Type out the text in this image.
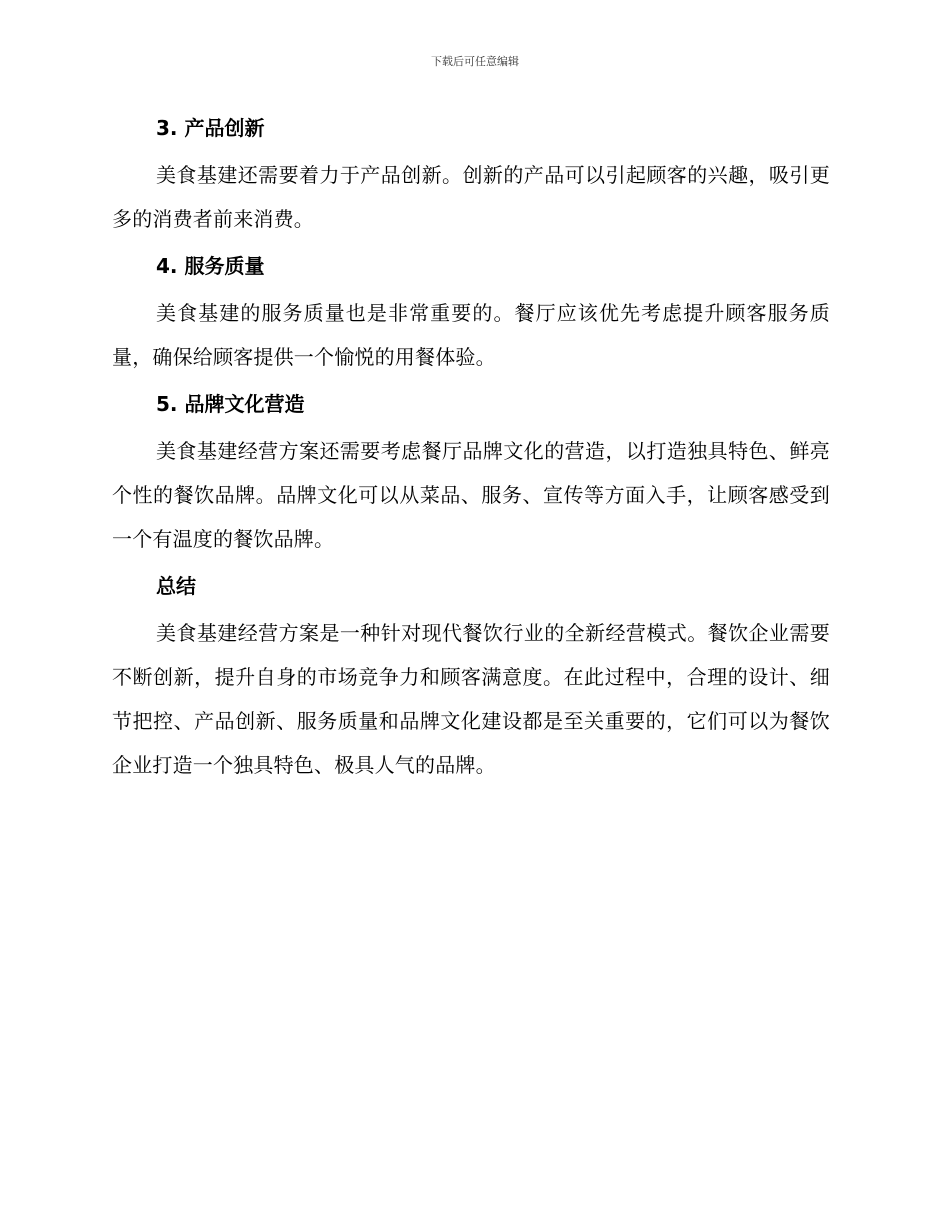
下载后可任意编辑
3. 产品创新

美食基建还需要着力于产品创新。创新的产品可以引起顾客的兴趣，吸引更多的消费者前来消费。

4. 服务质量

美食基建的服务质量也是非常重要的。餐厅应该优先考虑提升顾客服务质量，确保给顾客提供一个愉悦的用餐体验。

5. 品牌文化营造

美食基建经营方案还需要考虑餐厅品牌文化的营造，以打造独具特色、鲜亮个性的餐饮品牌。品牌文化可以从菜品、服务、宣传等方面入手，让顾客感受到一个有温度的餐饮品牌。

总结

美食基建经营方案是一种针对现代餐饮行业的全新经营模式。餐饮企业需要不断创新，提升自身的市场竞争力和顾客满意度。在此过程中，合理的设计、细节把控、产品创新、服务质量和品牌文化建设都是至关重要的，它们可以为餐饮企业打造一个独具特色、极具人气的品牌。
